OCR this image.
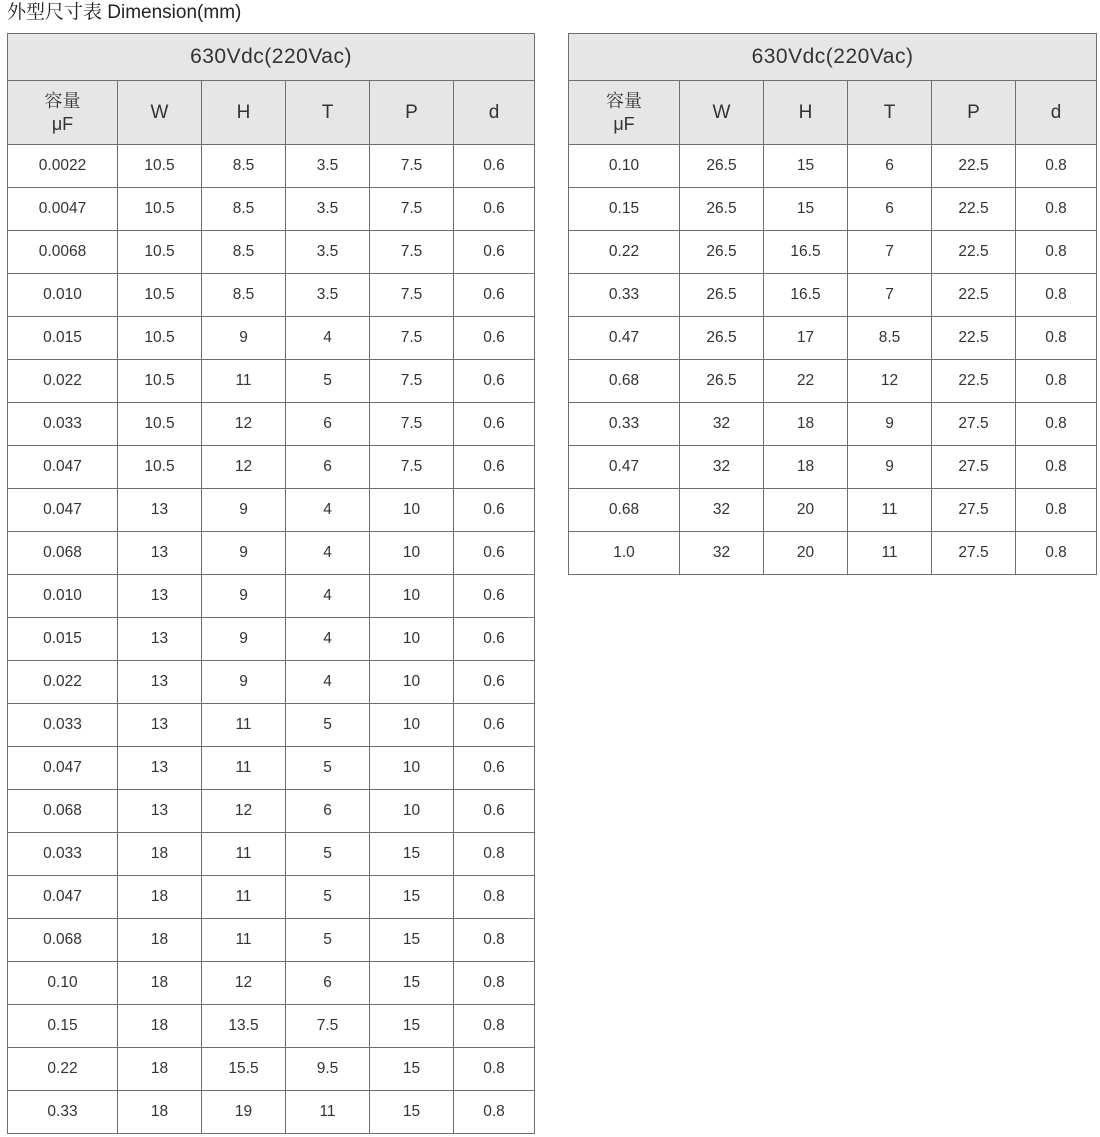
外型尺寸表 Dimension(mm)
630Vdc(220Vac)					

容量
μF	W	H	T	P	d
0.0022	10.5	8.5	3.5	7.5	0.6
0.0047	10.5	8.5	3.5	7.5	0.6
0.0068	10.5	8.5	3.5	7.5	0.6
0.010	10.5	8.5	3.5	7.5	0.6
0.015	10.5	9	4	7.5	0.6
0.022	10.5	11	5	7.5	0.6
0.033	10.5	12	6	7.5	0.6
0.047	10.5	12	6	7.5	0.6
0.047	13	9	4	10	0.6
0.068	13	9	4	10	0.6
0.010	13	9	4	10	0.6
0.015	13	9	4	10	0.6
0.022	13	9	4	10	0.6
0.033	13	11	5	10	0.6
0.047	13	11	5	10	0.6
0.068	13	12	6	10	0.6
0.033	18	11	5	15	0.8
0.047	18	11	5	15	0.8
0.068	18	11	5	15	0.8
0.10	18	12	6	15	0.8
0.15	18	13.5	7.5	15	0.8
0.22	18	15.5	9.5	15	0.8
0.33	18	19	11	15	0.8
630Vdc(220Vac)					

容量
μF	W	H	T	P	d
0.10	26.5	15	6	22.5	0.8
0.15	26.5	15	6	22.5	0.8
0.22	26.5	16.5	7	22.5	0.8
0.33	26.5	16.5	7	22.5	0.8
0.47	26.5	17	8.5	22.5	0.8
0.68	26.5	22	12	22.5	0.8
0.33	32	18	9	27.5	0.8
0.47	32	18	9	27.5	0.8
0.68	32	20	11	27.5	0.8
1.0	32	20	11	27.5	0.8
